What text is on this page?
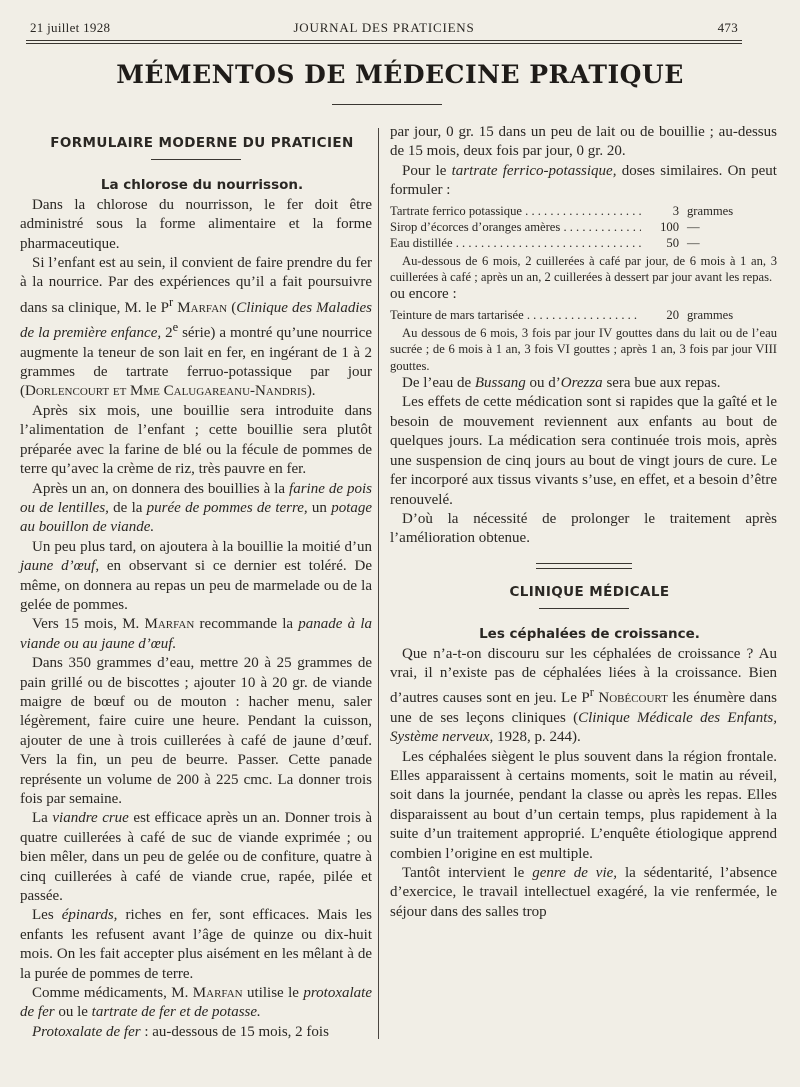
21 juillet 1928	JOURNAL DES PRATICIENS	473
MÉMENTOS DE MÉDECINE PRATIQUE

FORMULAIRE MODERNE DU PRATICIEN

La chlorose du nourrisson.

Dans la chlorose du nourrisson, le fer doit être administré sous la forme alimentaire et la forme pharmaceutique.

Si l’enfant est au sein, il convient de faire prendre du fer à la nourrice. Par des expériences qu’il a fait poursuivre dans sa clinique, M. le $P^r$ Marfan (Clinique des Maladies de la première enfance, 2e série) a montré qu’une nourrice augmente la teneur de son lait en fer, en ingérant de 1 à 2 grammes de tartrate ferruo-potassique par jour (Dorlencourt et Mme Calugareanu-Nandris).

Après six mois, une bouillie sera introduite dans l’alimentation de l’enfant ; cette bouillie sera plutôt préparée avec la farine de blé ou la fécule de pommes de terre qu’avec la crème de riz, très pauvre en fer.

Après un an, on donnera des bouillies à la farine de pois ou de lentilles, de la purée de pommes de terre, un potage au bouillon de viande.

Un peu plus tard, on ajoutera à la bouillie la moitié d’un jaune d’œuf, en observant si ce dernier est toléré. De même, on donnera au repas un peu de marmelade ou de la gelée de pommes.

Vers 15 mois, M. Marfan recommande la panade à la viande ou au jaune d’œuf.

Dans 350 grammes d’eau, mettre 20 à 25 grammes de pain grillé ou de biscottes ; ajouter 10 à 20 gr. de viande maigre de bœuf ou de mouton : hacher menu, saler légèrement, faire cuire une heure. Pendant la cuisson, ajouter de une à trois cuillerées à café de jaune d’œuf. Vers la fin, un peu de beurre. Passer. Cette panade représente un volume de 200 à 225 cmc. La donner trois fois par semaine.

La viandre crue est efficace après un an. Donner trois à quatre cuillerées à café de suc de viande exprimée ; ou bien mêler, dans un peu de gelée ou de confiture, quatre à cinq cuillerées à café de viande crue, rapée, pilée et passée.

Les épinards, riches en fer, sont efficaces. Mais les enfants les refusent avant l’âge de quinze ou dix-huit mois. On les fait accepter plus aisément en les mêlant à de la purée de pommes de terre.

Comme médicaments, M. Marfan utilise le protoxalate de fer ou le tartrate de fer et de potasse.

Protoxalate de fer : au-dessous de 15 mois, 2 fois

par jour, 0 gr. 15 dans un peu de lait ou de bouillie ; au-dessus de 15 mois, deux fois par jour, 0 gr. 20.

Pour le tartrate ferrico-potassique, doses similaires. On peut formuler :

Tartrate ferrico potassique . . .	3 grammes
Sirop d’écorces d’oranges amères . . .	100 —
Eau distillée . . .	50 —

Au-dessous de 6 mois, 2 cuillerées à café par jour, de 6 mois à 1 an, 3 cuillerées à café ; après un an, 2 cuillerées à dessert par jour avant les repas.

ou encore :

Teinture de mars tartarisée . . .	20 grammes

Au dessous de 6 mois, 3 fois par jour IV gouttes dans du lait ou de l’eau sucrée ; de 6 mois à 1 an, 3 fois VI gouttes ; après 1 an, 3 fois par jour VIII gouttes.

De l’eau de Bussang ou d’Orezza sera bue aux repas.

Les effets de cette médication sont si rapides que la gaîté et le besoin de mouvement reviennent aux enfants au bout de quelques jours. La médication sera continuée trois mois, après une suspension de cinq jours au bout de vingt jours de cure. Le fer incorporé aux tissus vivants s’use, en effet, et a besoin d’être renouvelé.

D’où la nécessité de prolonger le traitement après l’amélioration obtenue.

CLINIQUE MÉDICALE

Les céphalées de croissance.

Que n’a-t-on discouru sur les céphalées de croissance ? Au vrai, il n’existe pas de céphalées liées à la croissance. Bien d’autres causes sont en jeu. Le $P^r$ Nobécourt les énumère dans une de ses leçons cliniques (Clinique Médicale des Enfants, Système nerveux, 1928, p. 244).

Les céphalées siègent le plus souvent dans la région frontale. Elles apparaissent à certains moments, soit le matin au réveil, soit dans la journée, pendant la classe ou après les repas. Elles disparaissent au bout d’un certain temps, plus rapidement à la suite d’un traitement approprié. L’enquête étiologique apprend combien l’origine en est multiple.

Tantôt intervient le genre de vie, la sédentarité, l’absence d’exercice, le travail intellectuel exagéré, la vie renfermée, le séjour dans des salles trop
